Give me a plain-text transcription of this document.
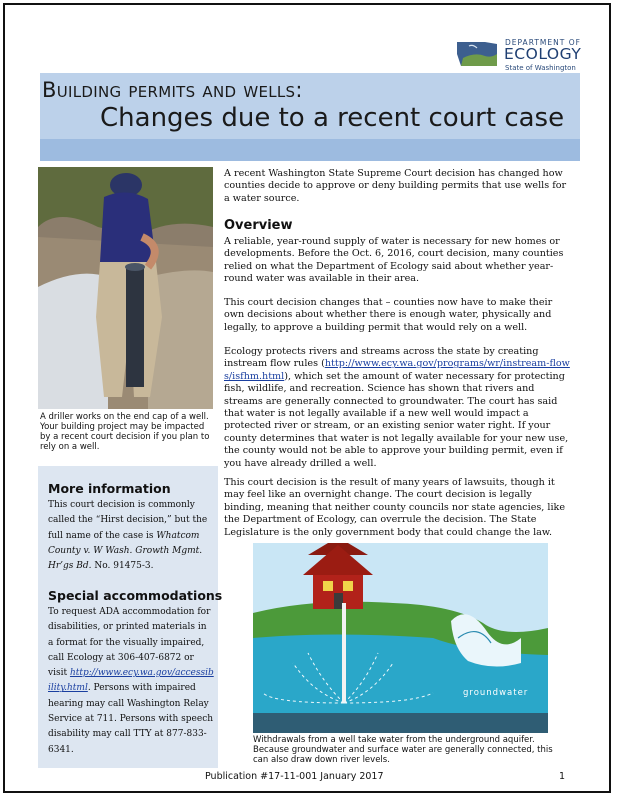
DEPARTMENT OF
ECOLOGY
State of Washington
Building permits and wells:
Changes due to a recent court case
A driller works on the end cap of a well. Your building project may be impacted by a recent court decision if you plan to rely on a well.
More information
This court decision is commonly called the “Hirst decision,” but the full name of the case is Whatcom County v. W Wash. Growth Mgmt. Hr’gs Bd. No. 91475-3.
Special accommodations
To request ADA accommodation for disabilities, or printed materials in a format for the visually impaired, call Ecology at 306-407-6872 or visit http://www.ecy.wa.gov/accessibility.html. Persons with impaired hearing may call Washington Relay Service at 711. Persons with speech disability may call TTY at 877-833-6341.
A recent Washington State Supreme Court decision has changed how counties decide to approve or deny building permits that use wells for a water source.
Overview
A reliable, year-round supply of water is necessary for new homes or developments. Before the Oct. 6, 2016, court decision, many counties relied on what the Department of Ecology said about whether year-round water was available in their area.
This court decision changes that – counties now have to make their own decisions about whether there is enough water, physically and legally, to approve a building permit that would rely on a well.
Ecology protects rivers and streams across the state by creating instream flow rules (http://www.ecy.wa.gov/programs/wr/instream-flows/isfhm.html), which set the amount of water necessary for protecting fish, wildlife, and recreation. Science has shown that rivers and streams are generally connected to groundwater. The court has said that water is not legally available if a new well would impact a protected river or stream, or an existing senior water right. If your county determines that water is not legally available for your new use, the county would not be able to approve your building permit, even if you have already drilled a well.
This court decision is the result of many years of lawsuits, though it may feel like an overnight change. The court decision is legally binding, meaning that neither county councils nor state agencies, like the Department of Ecology, can overrule the decision. The State Legislature is the only government body that could change the law.
groundwater
Withdrawals from a well take water from the underground aquifer. Because groundwater and surface water are generally connected, this can also draw down river levels.
Publication #17-11-001 January 2017	1
